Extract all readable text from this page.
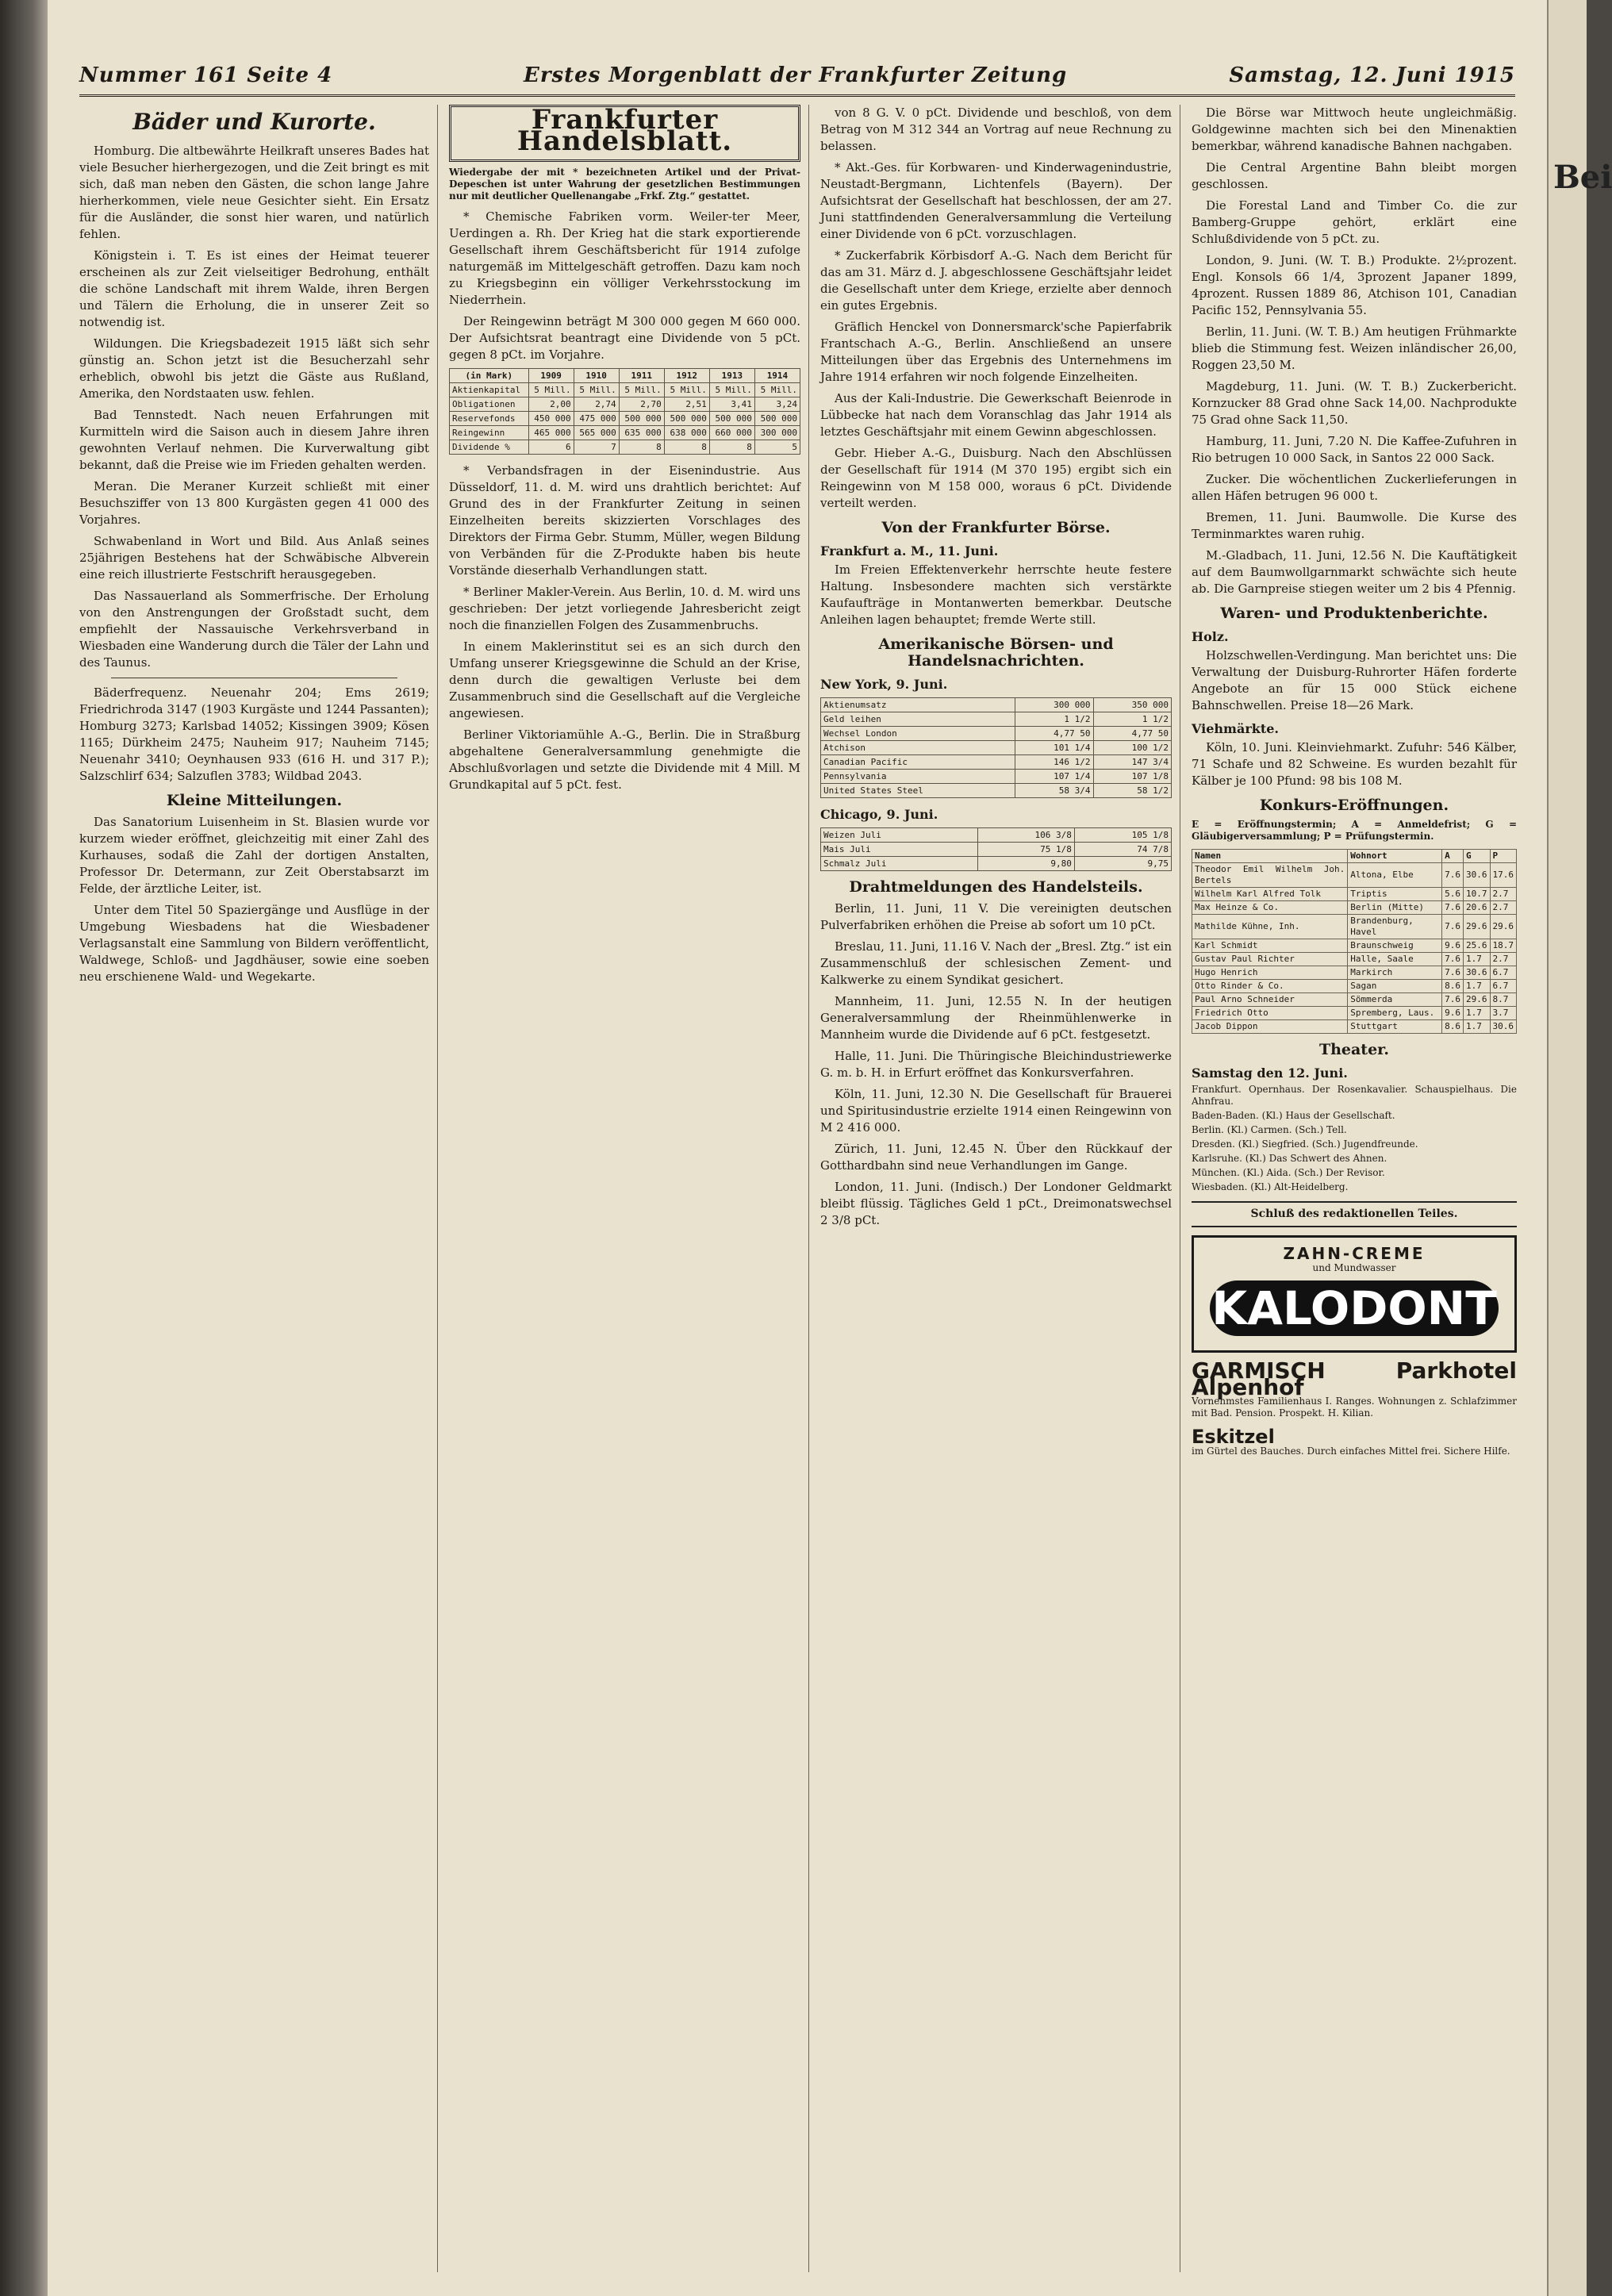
Nummer 161 Seite 4	Erstes Morgenblatt der Frankfurter Zeitung	Samstag, 12. Juni 1915
Bäder und Kurorte.

Homburg. Die altbewährte Heilkraft unseres Bades hat viele Besucher hierhergezogen, und die Zeit bringt es mit sich, daß man neben den Gästen, die schon lange Jahre hierherkommen, viele neue Gesichter sieht. Ein Ersatz für die Ausländer, die sonst hier waren, und natürlich fehlen.

Königstein i. T. Es ist eines der Heimat teuerer erscheinen als zur Zeit vielseitiger Bedrohung, enthält die schöne Landschaft mit ihrem Walde, ihren Bergen und Tälern die Erholung, die in unserer Zeit so notwendig ist.

Wildungen. Die Kriegsbadezeit 1915 läßt sich sehr günstig an. Schon jetzt ist die Besucherzahl sehr erheblich, obwohl bis jetzt die Gäste aus Rußland, Amerika, den Nordstaaten usw. fehlen.

Bad Tennstedt. Nach neuen Erfahrungen mit Kurmitteln wird die Saison auch in diesem Jahre ihren gewohnten Verlauf nehmen. Die Kurverwaltung gibt bekannt, daß die Preise wie im Frieden gehalten werden.

Meran. Die Meraner Kurzeit schließt mit einer Besuchsziffer von 13 800 Kurgästen gegen 41 000 des Vorjahres.

Schwabenland in Wort und Bild. Aus Anlaß seines 25jährigen Bestehens hat der Schwäbische Albverein eine reich illustrierte Festschrift herausgegeben.

Das Nassauerland als Sommerfrische. Der Erholung von den Anstrengungen der Großstadt sucht, dem empfiehlt der Nassauische Verkehrsverband in Wiesbaden eine Wanderung durch die Täler der Lahn und des Taunus.

Bäderfrequenz. Neuenahr 204; Ems 2619; Friedrichroda 3147 (1903 Kurgäste und 1244 Passanten); Homburg 3273; Karlsbad 14052; Kissingen 3909; Kösen 1165; Dürkheim 2475; Nauheim 917; Nauheim 7145; Neuenahr 3410; Oeynhausen 933 (616 H. und 317 P.); Salzschlirf 634; Salzuflen 3783; Wildbad 2043.

Kleine Mitteilungen.

Das Sanatorium Luisenheim in St. Blasien wurde vor kurzem wieder eröffnet, gleichzeitig mit einer Zahl des Kurhauses, sodaß die Zahl der dortigen Anstalten, Professor Dr. Determann, zur Zeit Oberstabsarzt im Felde, der ärztliche Leiter, ist.

Unter dem Titel 50 Spaziergänge und Ausflüge in der Umgebung Wiesbadens hat die Wiesbadener Verlagsanstalt eine Sammlung von Bildern veröffentlicht, Waldwege, Schloß- und Jagdhäuser, sowie eine soeben neu erschienene Wald- und Wegekarte.

Frankfurter Handelsblatt.
Wiedergabe der mit * bezeichneten Artikel und der Privat-Depeschen ist unter Wahrung der gesetzlichen Bestimmungen nur mit deutlicher Quellenangabe „Frkf. Ztg.“ gestattet.

* Chemische Fabriken vorm. Weiler-ter Meer, Uerdingen a. Rh. Der Krieg hat die stark exportierende Gesellschaft ihrem Geschäftsbericht für 1914 zufolge naturgemäß im Mittelgeschäft getroffen. Dazu kam noch zu Kriegsbeginn ein völliger Verkehrsstockung im Niederrhein.

Der Reingewinn beträgt M 300 000 gegen M 660 000. Der Aufsichtsrat beantragt eine Dividende von 5 pCt. gegen 8 pCt. im Vorjahre.

(in Mark)	1909	1910	1911	1912	1913	1914
Aktienkapital	5 Mill.	5 Mill.	5 Mill.	5 Mill.	5 Mill.	5 Mill.
Obligationen	2,00	2,74	2,70	2,51	3,41	3,24
Reservefonds	450 000	475 000	500 000	500 000	500 000	500 000
Reingewinn	465 000	565 000	635 000	638 000	660 000	300 000
Dividende %	6	7	8	8	8	5

* Verbandsfragen in der Eisenindustrie. Aus Düsseldorf, 11. d. M. wird uns drahtlich berichtet: Auf Grund des in der Frankfurter Zeitung in seinen Einzelheiten bereits skizzierten Vorschlages des Direktors der Firma Gebr. Stumm, Müller, wegen Bildung von Verbänden für die Z-Produkte haben bis heute Vorstände dieserhalb Verhandlungen statt.

* Berliner Makler-Verein. Aus Berlin, 10. d. M. wird uns geschrieben: Der jetzt vorliegende Jahresbericht zeigt noch die finanziellen Folgen des Zusammenbruchs.

In einem Maklerinstitut sei es an sich durch den Umfang unserer Kriegsgewinne die Schuld an der Krise, denn durch die gewaltigen Verluste bei dem Zusammenbruch sind die Gesellschaft auf die Vergleiche angewiesen.

Berliner Viktoriamühle A.-G., Berlin. Die in Straßburg abgehaltene Generalversammlung genehmigte die Abschlußvorlagen und setzte die Dividende mit 4 Mill. M Grundkapital auf 5 pCt. fest.

von 8 G. V. 0 pCt. Dividende und beschloß, von dem Betrag von M 312 344 an Vortrag auf neue Rechnung zu belassen.

* Akt.-Ges. für Korbwaren- und Kinderwagenindustrie, Neustadt-Bergmann, Lichtenfels (Bayern). Der Aufsichtsrat der Gesellschaft hat beschlossen, der am 27. Juni stattfindenden Generalversammlung die Verteilung einer Dividende von 6 pCt. vorzuschlagen.

* Zuckerfabrik Körbisdorf A.-G. Nach dem Bericht für das am 31. März d. J. abgeschlossene Geschäftsjahr leidet die Gesellschaft unter dem Kriege, erzielte aber dennoch ein gutes Ergebnis.

Gräflich Henckel von Donnersmarck'sche Papierfabrik Frantschach A.-G., Berlin. Anschließend an unsere Mitteilungen über das Ergebnis des Unternehmens im Jahre 1914 erfahren wir noch folgende Einzelheiten.

Aus der Kali-Industrie. Die Gewerkschaft Beienrode in Lübbecke hat nach dem Voranschlag das Jahr 1914 als letztes Geschäftsjahr mit einem Gewinn abgeschlossen.

Gebr. Hieber A.-G., Duisburg. Nach den Abschlüssen der Gesellschaft für 1914 (M 370 195) ergibt sich ein Reingewinn von M 158 000, woraus 6 pCt. Dividende verteilt werden.

Von der Frankfurter Börse.
Frankfurt a. M., 11. Juni.

Im Freien Effektenverkehr herrschte heute festere Haltung. Insbesondere machten sich verstärkte Kaufaufträge in Montanwerten bemerkbar. Deutsche Anleihen lagen behauptet; fremde Werte still.

Amerikanische Börsen- und Handelsnachrichten.
New York, 9. Juni.
Aktienumsatz	300 000	350 000
Geld leihen	1 1/2	1 1/2
Wechsel London	4,77 50	4,77 50
Atchison	101 1/4	100 1/2
Canadian Pacific	146 1/2	147 3/4
Pennsylvania	107 1/4	107 1/8
United States Steel	58 3/4	58 1/2
Chicago, 9. Juni.
Weizen Juli	106 3/8	105 1/8
Mais Juli	75 1/8	74 7/8
Schmalz Juli	9,80	9,75
Drahtmeldungen des Handelsteils.

Berlin, 11. Juni, 11 V. Die vereinigten deutschen Pulverfabriken erhöhen die Preise ab sofort um 10 pCt.

Breslau, 11. Juni, 11.16 V. Nach der „Bresl. Ztg.“ ist ein Zusammenschluß der schlesischen Zement- und Kalkwerke zu einem Syndikat gesichert.

Mannheim, 11. Juni, 12.55 N. In der heutigen Generalversammlung der Rheinmühlenwerke in Mannheim wurde die Dividende auf 6 pCt. festgesetzt.

Halle, 11. Juni. Die Thüringische Bleichindustriewerke G. m. b. H. in Erfurt eröffnet das Konkursverfahren.

Köln, 11. Juni, 12.30 N. Die Gesellschaft für Brauerei und Spiritusindustrie erzielte 1914 einen Reingewinn von M 2 416 000.

Zürich, 11. Juni, 12.45 N. Über den Rückkauf der Gotthardbahn sind neue Verhandlungen im Gange.

London, 11. Juni. (Indisch.) Der Londoner Geldmarkt bleibt flüssig. Tägliches Geld 1 pCt., Dreimonatswechsel 2 3/8 pCt.

Die Börse war Mittwoch heute ungleichmäßig. Goldgewinne machten sich bei den Minenaktien bemerkbar, während kanadische Bahnen nachgaben.

Die Central Argentine Bahn bleibt morgen geschlossen.

Die Forestal Land and Timber Co. die zur Bamberg-Gruppe gehört, erklärt eine Schlußdividende von 5 pCt. zu.

London, 9. Juni. (W. T. B.) Produkte. 2½prozent. Engl. Konsols 66 1/4, 3prozent Japaner 1899, 4prozent. Russen 1889 86, Atchison 101, Canadian Pacific 152, Pennsylvania 55.

Berlin, 11. Juni. (W. T. B.) Am heutigen Frühmarkte blieb die Stimmung fest. Weizen inländischer 26,00, Roggen 23,50 M.

Magdeburg, 11. Juni. (W. T. B.) Zuckerbericht. Kornzucker 88 Grad ohne Sack 14,00. Nachprodukte 75 Grad ohne Sack 11,50.

Hamburg, 11. Juni, 7.20 N. Die Kaffee-Zufuhren in Rio betrugen 10 000 Sack, in Santos 22 000 Sack.

Zucker. Die wöchentlichen Zuckerlieferungen in allen Häfen betrugen 96 000 t.

Bremen, 11. Juni. Baumwolle. Die Kurse des Terminmarktes waren ruhig.

M.-Gladbach, 11. Juni, 12.56 N. Die Kauftätigkeit auf dem Baumwollgarnmarkt schwächte sich heute ab. Die Garnpreise stiegen weiter um 2 bis 4 Pfennig.

Waren- und Produktenberichte.
Holz.

Holzschwellen-Verdingung. Man berichtet uns: Die Verwaltung der Duisburg-Ruhrorter Häfen forderte Angebote an für 15 000 Stück eichene Bahnschwellen. Preise 18—26 Mark.

Viehmärkte.

Köln, 10. Juni. Kleinviehmarkt. Zufuhr: 546 Kälber, 71 Schafe und 82 Schweine. Es wurden bezahlt für Kälber je 100 Pfund: 98 bis 108 M.

Konkurs-Eröffnungen.
E = Eröffnungstermin; A = Anmeldefrist; G = Gläubigerversammlung; P = Prüfungstermin.
Namen	Wohnort	A	G	P
Theodor Emil Wilhelm Joh. Bertels	Altona, Elbe	7.6	30.6	17.6
Wilhelm Karl Alfred Tolk	Triptis	5.6	10.7	2.7
Max Heinze & Co.	Berlin (Mitte)	7.6	20.6	2.7
Mathilde Kühne, Inh.	Brandenburg, Havel	7.6	29.6	29.6
Karl Schmidt	Braunschweig	9.6	25.6	18.7
Gustav Paul Richter	Halle, Saale	7.6	1.7	2.7
Hugo Henrich	Markirch	7.6	30.6	6.7
Otto Rinder & Co.	Sagan	8.6	1.7	6.7
Paul Arno Schneider	Sömmerda	7.6	29.6	8.7
Friedrich Otto	Spremberg, Laus.	9.6	1.7	3.7
Jacob Dippon	Stuttgart	8.6	1.7	30.6
Theater.
Samstag den 12. Juni.
Frankfurt. Opernhaus. Der Rosenkavalier. Schauspielhaus. Die Ahnfrau.
Baden-Baden. (Kl.) Haus der Gesellschaft.
Berlin. (Kl.) Carmen. (Sch.) Tell.
Dresden. (Kl.) Siegfried. (Sch.) Jugendfreunde.
Karlsruhe. (Kl.) Das Schwert des Ahnen.
München. (Kl.) Aida. (Sch.) Der Revisor.
Wiesbaden. (Kl.) Alt-Heidelberg.
Schluß des redaktionellen Teiles.
ZAHN-CREME
und Mundwasser
KALODONT
GARMISCH Parkhotel Alpenhof
Vornehmstes Familienhaus I. Ranges. Wohnungen z. Schlafzimmer mit Bad. Pension. Prospekt. H. Kilian.
Eskitzel
im Gürtel des Bauches. Durch einfaches Mittel frei. Sichere Hilfe.
Bei
